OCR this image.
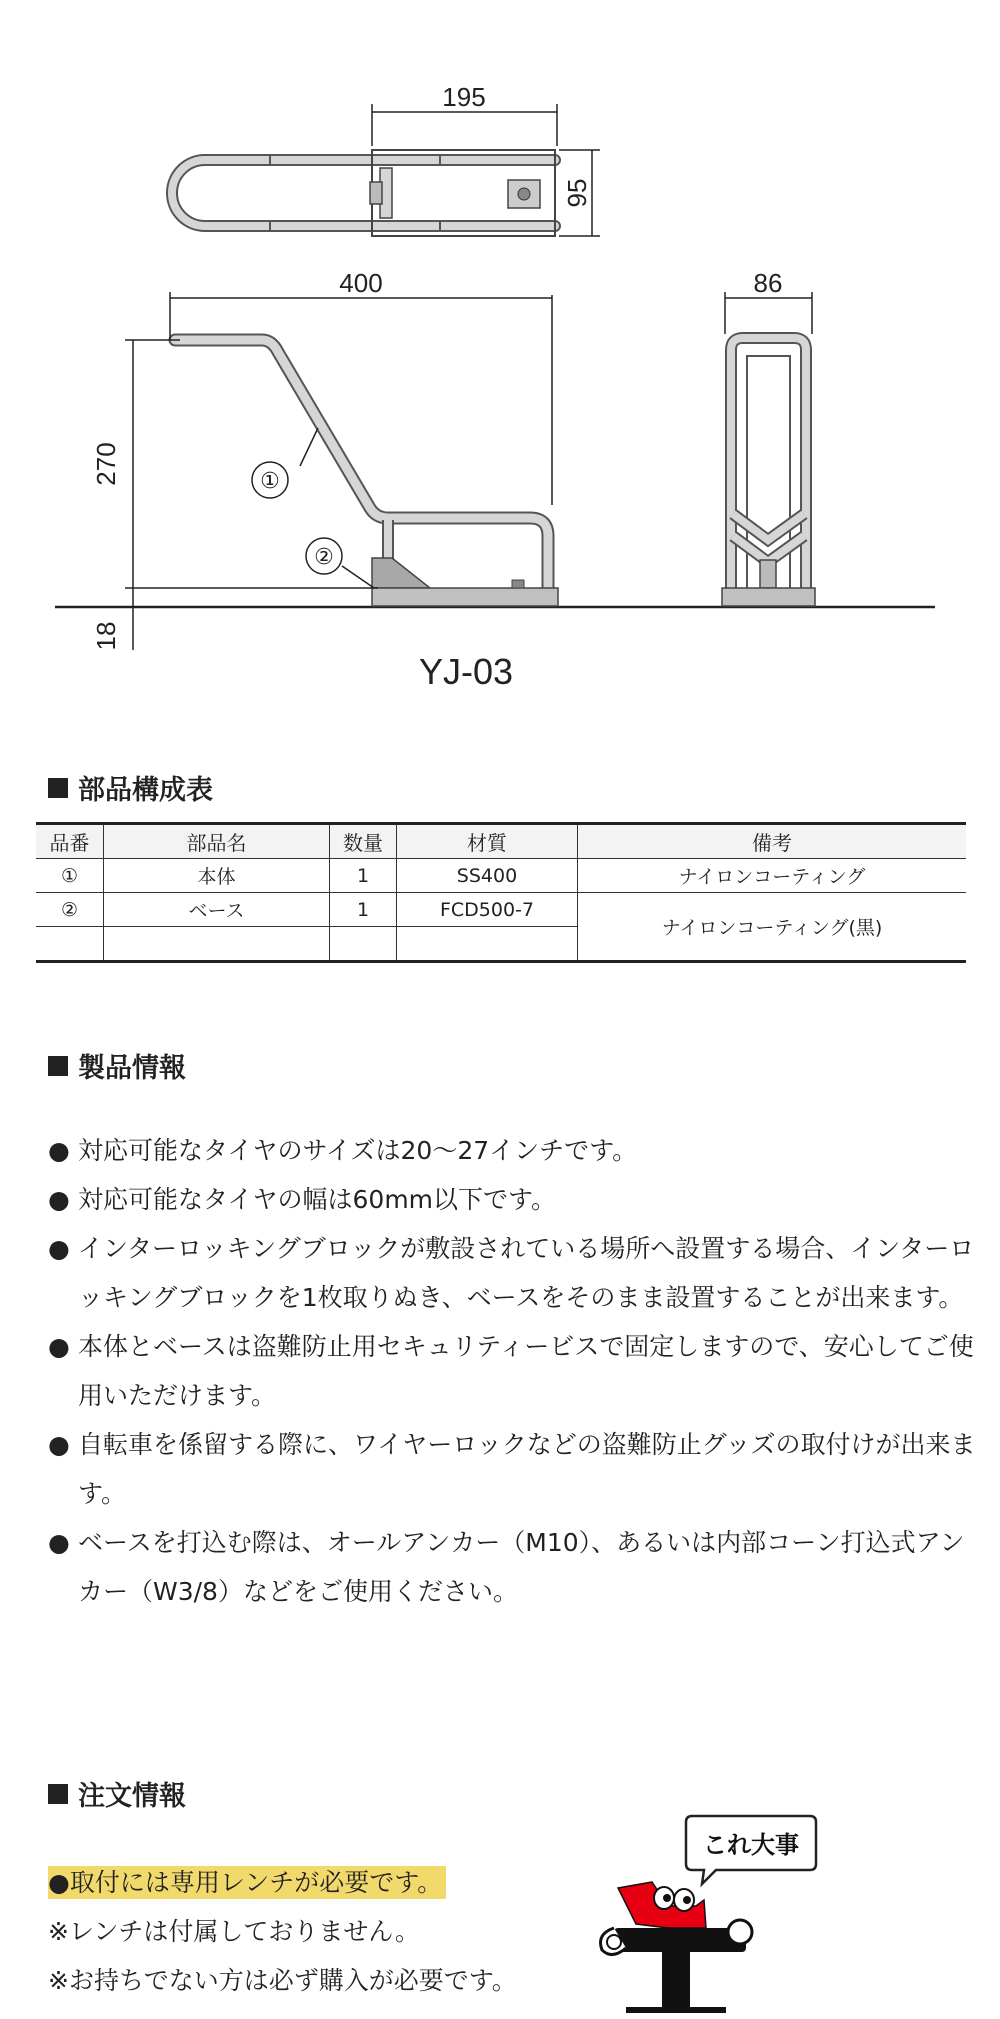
195
95
400
270
18
①
②
86
YJ-03
部品構成表
品番	部品名	数量	材質	備考
①	本体	1	SS400	ナイロンコーティング
②	ベース	1	FCD500-7	ナイロンコーティング(黒)

製品情報
● 対応可能なタイヤのサイズは20〜27インチです。
● 対応可能なタイヤの幅は60mm以下です。
● インターロッキングブロックが敷設されている場所へ設置する場合、インターロッキングブロックを1枚取りぬき、ベースをそのまま設置することが出来ます。
● 本体とベースは盗難防止用セキュリティービスで固定しますので、安心してご使用いただけます。
● 自転車を係留する際に、ワイヤーロックなどの盗難防止グッズの取付けが出来ます。
● ベースを打込む際は、オールアンカー（M10）、あるいは内部コーン打込式アンカー（W3/8）などをご使用ください。
注文情報
●取付には専用レンチが必要です。
※レンチは付属しておりません。
※お持ちでない方は必ず購入が必要です。
これ大事
